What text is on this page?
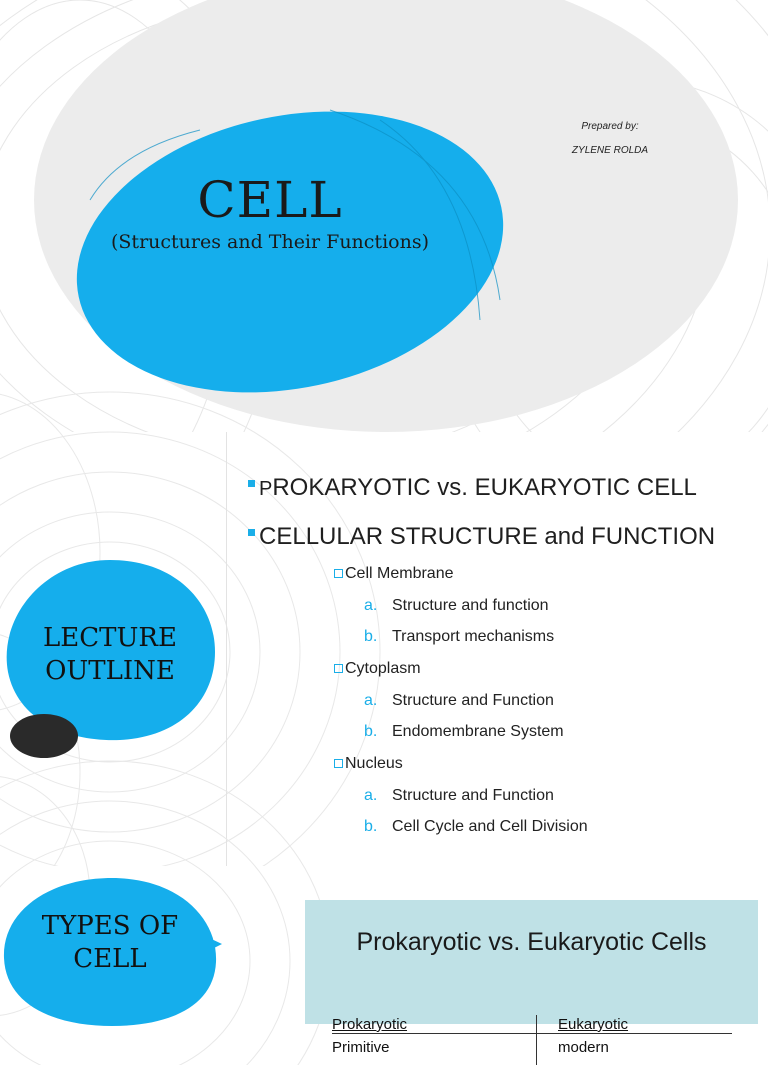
CELL
(Structures and Their Functions)
Prepared by:
ZYLENE ROLDA
LECTURE
OUTLINE
PROKARYOTIC vs. EUKARYOTIC CELL
CELLULAR STRUCTURE and FUNCTION
Cell Membrane
a. Structure and function
b. Transport mechanisms
Cytoplasm
a. Structure and Function
b. Endomembrane System
Nucleus
a. Structure and Function
b. Cell Cycle and Cell Division
TYPES OF
CELL
Prokaryotic vs. Eukaryotic Cells
Prokaryotic	Eukaryotic
Primitive	modern
